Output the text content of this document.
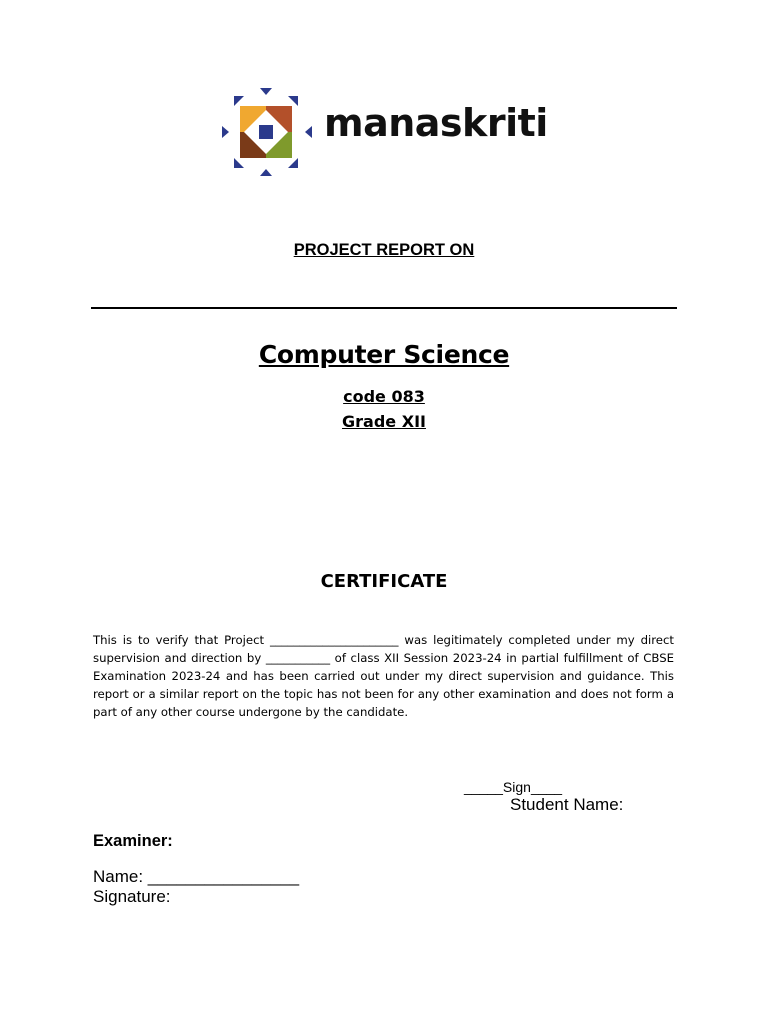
manaskriti
PROJECT REPORT ON
Computer Science
code 083
Grade XII
CERTIFICATE
This is to verify that Project ______________________ was legitimately completed under my direct supervision and direction by ___________ of class XII Session 2023-24 in partial fulfillment of CBSE Examination 2023-24 and has been carried out under my direct supervision and guidance. This report or a similar report on the topic has not been for any other examination and does not form a part of any other course undergone by the candidate.
_____Sign____
Student Name:
Examiner:
Name: ________________
Signature:
